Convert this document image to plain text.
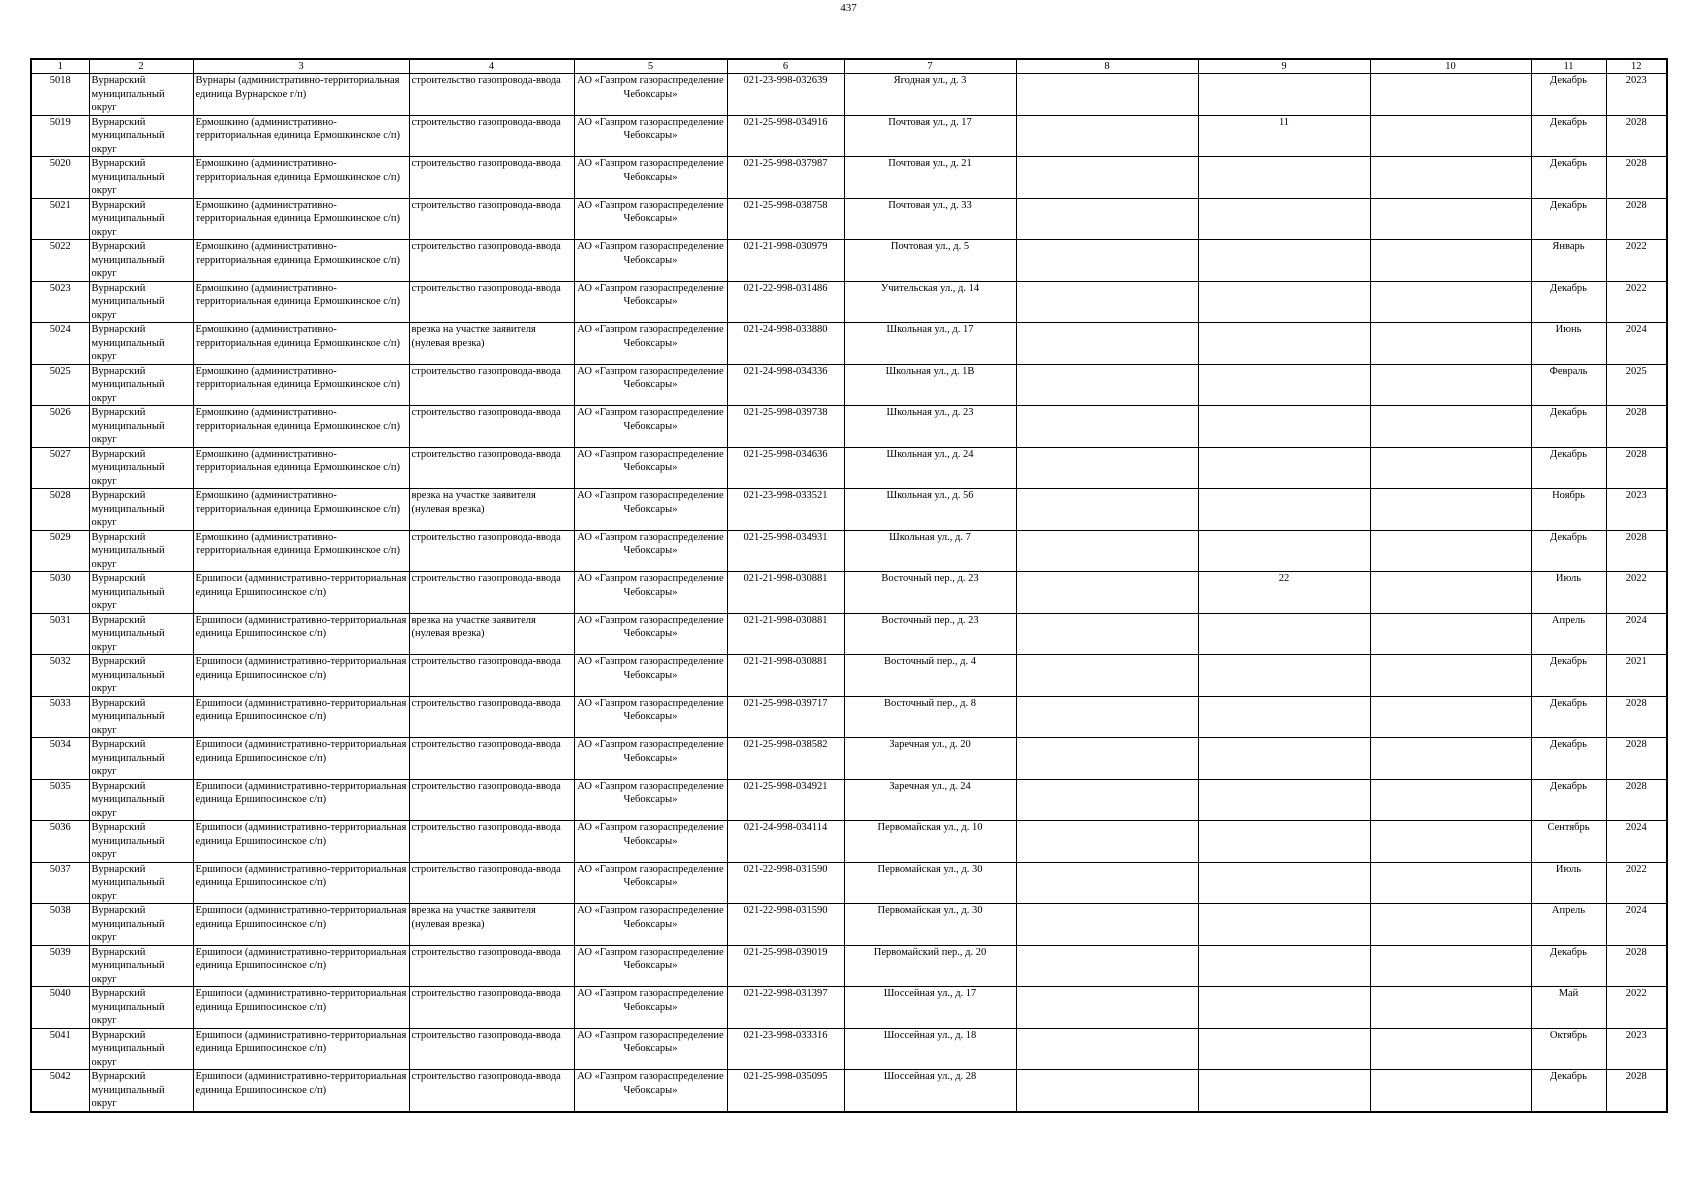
437
1	2	3	4	5	6	7	8	9	10	11	12

5018	Вурнарский муниципальный округ	Вурнары (административно-территориальная единица Вурнарское г/п)	строительство газопровода-ввода	АО «Газпром газораспределение Чебоксары»	021-23-998-032639	Ягодная ул., д. 3				Декабрь	2023

5019	Вурнарский муниципальный округ	Ермошкино (административно-территориальная единица Ермошкинское с/п)	строительство газопровода-ввода	АО «Газпром газораспределение Чебоксары»	021-25-998-034916	Почтовая ул., д. 17		11		Декабрь	2028

5020	Вурнарский муниципальный округ	Ермошкино (административно-территориальная единица Ермошкинское с/п)	строительство газопровода-ввода	АО «Газпром газораспределение Чебоксары»	021-25-998-037987	Почтовая ул., д. 21				Декабрь	2028

5021	Вурнарский муниципальный округ	Ермошкино (административно-территориальная единица Ермошкинское с/п)	строительство газопровода-ввода	АО «Газпром газораспределение Чебоксары»	021-25-998-038758	Почтовая ул., д. 33				Декабрь	2028

5022	Вурнарский муниципальный округ	Ермошкино (административно-территориальная единица Ермошкинское с/п)	строительство газопровода-ввода	АО «Газпром газораспределение Чебоксары»	021-21-998-030979	Почтовая ул., д. 5				Январь	2022

5023	Вурнарский муниципальный округ	Ермошкино (административно-территориальная единица Ермошкинское с/п)	строительство газопровода-ввода	АО «Газпром газораспределение Чебоксары»	021-22-998-031486	Учительская ул., д. 14				Декабрь	2022

5024	Вурнарский муниципальный округ	Ермошкино (административно-территориальная единица Ермошкинское с/п)	врезка на участке заявителя (нулевая врезка)	АО «Газпром газораспределение Чебоксары»	021-24-998-033880	Школьная ул., д. 17				Июнь	2024

5025	Вурнарский муниципальный округ	Ермошкино (административно-территориальная единица Ермошкинское с/п)	строительство газопровода-ввода	АО «Газпром газораспределение Чебоксары»	021-24-998-034336	Школьная ул., д. 1В				Феврaль	2025

5026	Вурнарский муниципальный округ	Ермошкино (административно-территориальная единица Ермошкинское с/п)	строительство газопровода-ввода	АО «Газпром газораспределение Чебоксары»	021-25-998-039738	Школьная ул., д. 23				Декабрь	2028

5027	Вурнарский муниципальный округ	Ермошкино (административно-территориальная единица Ермошкинское с/п)	строительство газопровода-ввода	АО «Газпром газораспределение Чебоксары»	021-25-998-034636	Школьная ул., д. 24				Декабрь	2028

5028	Вурнарский муниципальный округ	Ермошкино (административно-территориальная единица Ермошкинское с/п)	врезка на участке заявителя (нулевая врезка)	АО «Газпром газораспределение Чебоксары»	021-23-998-033521	Школьная ул., д. 56				Ноябрь	2023

5029	Вурнарский муниципальный округ	Ермошкино (административно-территориальная единица Ермошкинское с/п)	строительство газопровода-ввода	АО «Газпром газораспределение Чебоксары»	021-25-998-034931	Школьная ул., д. 7				Декабрь	2028

5030	Вурнарский муниципальный округ	Ершипоси (административно-территориальная единица Ершипосинское с/п)	строительство газопровода-ввода	АО «Газпром газораспределение Чебоксары»	021-21-998-030881	Восточный пер., д. 23		22		Июль	2022

5031	Вурнарский муниципальный округ	Ершипоси (административно-территориальная единица Ершипосинское с/п)	врезка на участке заявителя (нулевая врезка)	АО «Газпром газораспределение Чебоксары»	021-21-998-030881	Восточный пер., д. 23				Апрель	2024

5032	Вурнарский муниципальный округ	Ершипоси (административно-территориальная единица Ершипосинское с/п)	строительство газопровода-ввода	АО «Газпром газораспределение Чебоксары»	021-21-998-030881	Восточный пер., д. 4				Декабрь	2021

5033	Вурнарский муниципальный округ	Ершипоси (административно-территориальная единица Ершипосинское с/п)	строительство газопровода-ввода	АО «Газпром газораспределение Чебоксары»	021-25-998-039717	Восточный пер., д. 8				Декабрь	2028

5034	Вурнарский муниципальный округ	Ершипоси (административно-территориальная единица Ершипосинское с/п)	строительство газопровода-ввода	АО «Газпром газораспределение Чебоксары»	021-25-998-038582	Заречная ул., д. 20				Декабрь	2028

5035	Вурнарский муниципальный округ	Ершипоси (административно-территориальная единица Ершипосинское с/п)	строительство газопровода-ввода	АО «Газпром газораспределение Чебоксары»	021-25-998-034921	Заречная ул., д. 24				Декабрь	2028

5036	Вурнарский муниципальный округ	Ершипоси (административно-территориальная единица Ершипосинское с/п)	строительство газопровода-ввода	АО «Газпром газораспределение Чебоксары»	021-24-998-034114	Первомайская ул., д. 10				Сентябрь	2024

5037	Вурнарский муниципальный округ	Ершипоси (административно-территориальная единица Ершипосинское с/п)	строительство газопровода-ввода	АО «Газпром газораспределение Чебоксары»	021-22-998-031590	Первомайская ул., д. 30				Июль	2022

5038	Вурнарский муниципальный округ	Ершипоси (административно-территориальная единица Ершипосинское с/п)	врезка на участке заявителя (нулевая врезка)	АО «Газпром газораспределение Чебоксары»	021-22-998-031590	Первомайская ул., д. 30				Апрель	2024

5039	Вурнарский муниципальный округ	Ершипоси (административно-территориальная единица Ершипосинское с/п)	строительство газопровода-ввода	АО «Газпром газораспределение Чебоксары»	021-25-998-039019	Первомайский пер., д. 20				Декабрь	2028

5040	Вурнарский муниципальный округ	Ершипоси (административно-территориальная единица Ершипосинское с/п)	строительство газопровода-ввода	АО «Газпром газораспределение Чебоксары»	021-22-998-031397	Шоссейная ул., д. 17				Май	2022

5041	Вурнарский муниципальный округ	Ершипоси (административно-территориальная единица Ершипосинское с/п)	строительство газопровода-ввода	АО «Газпром газораспределение Чебоксары»	021-23-998-033316	Шоссейная ул., д. 18				Октябрь	2023

5042	Вурнарский муниципальный округ	Ершипоси (административно-территориальная единица Ершипосинское с/п)	строительство газопровода-ввода	АО «Газпром газораспределение Чебоксары»	021-25-998-035095	Шоссейная ул., д. 28				Декабрь	2028
